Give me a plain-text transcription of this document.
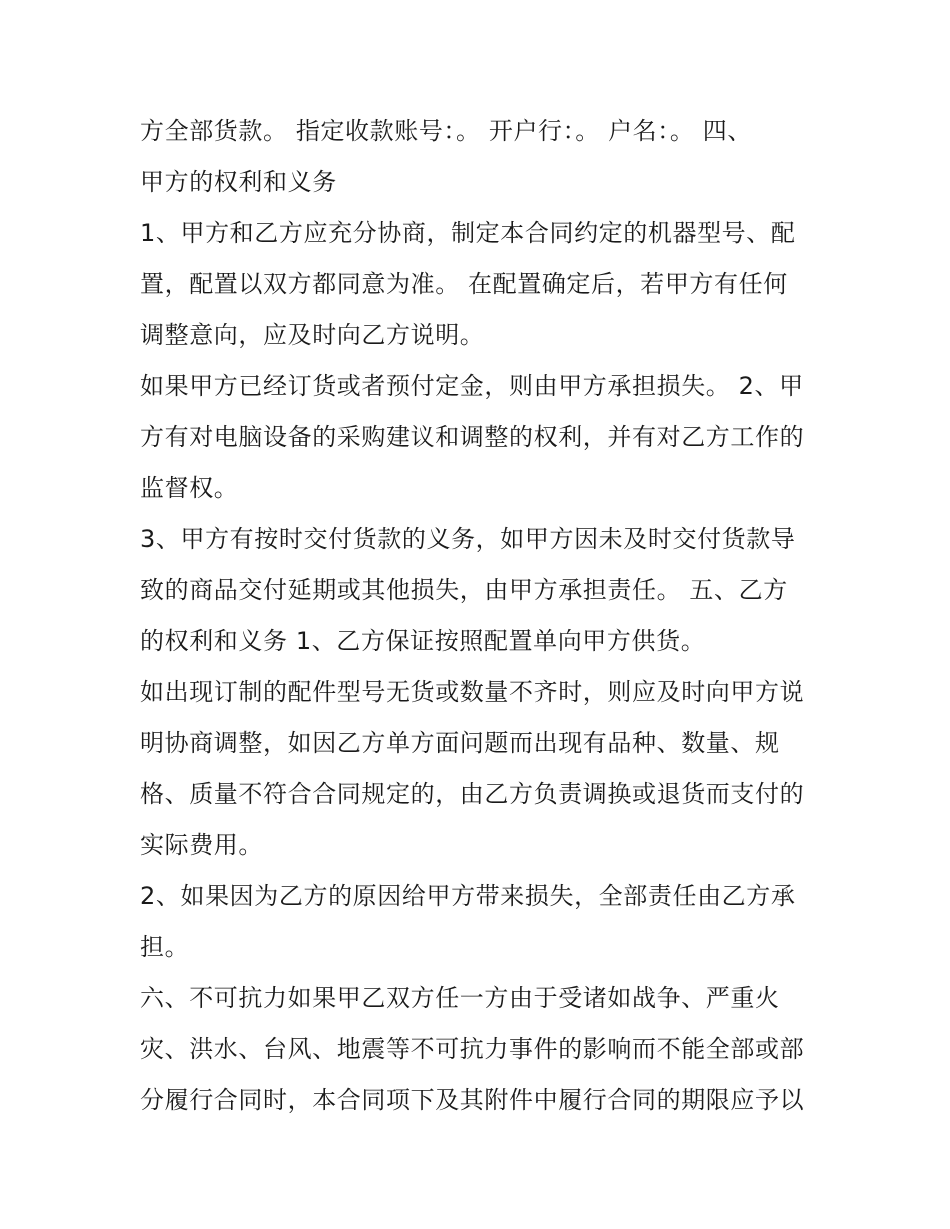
方全部货款。 指定收款账号：。 开户行：。 户名：。 四、
甲方的权利和义务
1、甲方和乙方应充分协商，制定本合同约定的机器型号、配
置，配置以双方都同意为准。 在配置确定后，若甲方有任何
调整意向，应及时向乙方说明。
如果甲方已经订货或者预付定金，则由甲方承担损失。 2、甲
方有对电脑设备的采购建议和调整的权利，并有对乙方工作的
监督权。
3、甲方有按时交付货款的义务，如甲方因未及时交付货款导
致的商品交付延期或其他损失，由甲方承担责任。 五、乙方
的权利和义务 1、乙方保证按照配置单向甲方供货。
如出现订制的配件型号无货或数量不齐时，则应及时向甲方说
明协商调整，如因乙方单方面问题而出现有品种、数量、规
格、质量不符合合同规定的，由乙方负责调换或退货而支付的
实际费用。
2、如果因为乙方的原因给甲方带来损失，全部责任由乙方承
担。
六、不可抗力如果甲乙双方任一方由于受诸如战争、严重火
灾、洪水、台风、地震等不可抗力事件的影响而不能全部或部
分履行合同时，本合同项下及其附件中履行合同的期限应予以
